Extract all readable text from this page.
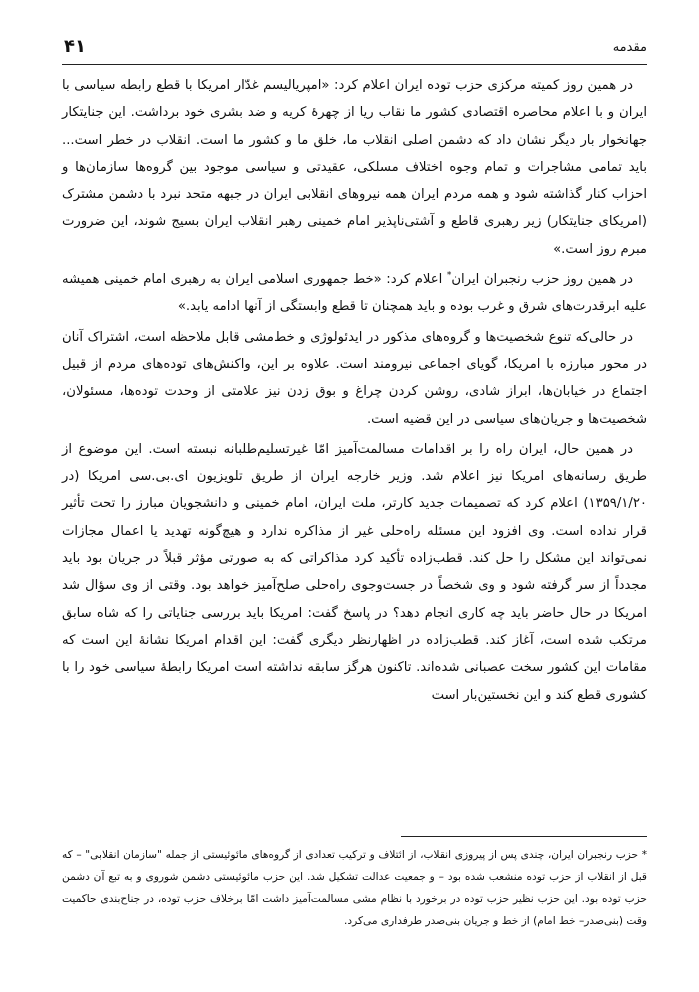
مقدمه
۴۱

در همین روز کمیته مرکزی حزب توده ایران اعلام کرد: «امپریالیسم غدّار امریکا با قطع رابطه سیاسی با ایران و با اعلام محاصره اقتصادی کشور ما نقاب ریا از چهرهٔ کریه و ضد بشری خود برداشت. این جنایتکار جهانخوار بار دیگر نشان داد که دشمن اصلی انقلاب ما، خلق ما و کشور ما است. انقلاب در خطر است... باید تمامی مشاجرات و تمام وجوه اختلاف مسلکی، عقیدتی و سیاسی موجود بین گروه‌ها سازمان‌ها و احزاب کنار گذاشته شود و همه مردم ایران همه نیروهای انقلابی ایران در جبهه متحد نبرد با دشمن مشترک (امریکای جنایتکار) زیر رهبری قاطع و آشتی‌ناپذیر امام خمینی رهبر انقلاب ایران بسیج شوند، این ضرورت مبرم روز است.»

در همین روز حزب رنجبران ایران* اعلام کرد: «خط جمهوری اسلامی ایران به رهبری امام خمینی همیشه علیه ابرقدرت‌های شرق و غرب بوده و باید همچنان تا قطع وابستگی از آنها ادامه یابد.»

در حالی‌که تنوع شخصیت‌ها و گروه‌های مذکور در ایدئولوژی و خط‌مشی قابل ملاحظه است، اشتراک آنان در محور مبارزه با امریکا، گویای اجماعی نیرومند است. علاوه بر این، واکنش‌های توده‌های مردم از قبیل اجتماع در خیابان‌ها، ابراز شادی، روشن کردن چراغ و بوق زدن نیز علامتی از وحدت توده‌ها، مسئولان، شخصیت‌ها و جریان‌های سیاسی در این قضیه است.

در همین حال، ایران راه را بر اقدامات مسالمت‌آمیز امّا غیرتسلیم‌طلبانه نبسته است. این موضوع از طریق رسانه‌های امریکا نیز اعلام شد. وزیر خارجه ایران از طریق تلویزیون ای.بی.سی امریکا (در ۱۳۵۹/۱/۲۰) اعلام کرد که تصمیمات جدید کارتر، ملت ایران، امام خمینی و دانشجویان مبارز را تحت تأثیر قرار نداده است. وی افزود این مسئله راه‌حلی غیر از مذاکره ندارد و هیچ‌گونه تهدید یا اعمال مجازات نمی‌تواند این مشکل را حل کند. قطب‌زاده تأکید کرد مذاکراتی که به صورتی مؤثر قبلاً در جریان بود باید مجدداً از سر گرفته شود و وی شخصاً در جست‌وجوی راه‌حلی صلح‌آمیز خواهد بود. وقتی از وی سؤال شد امریکا در حال حاضر باید چه کاری انجام دهد؟ در پاسخ گفت: امریکا باید بررسی جنایاتی را که شاه سابق مرتکب شده است، آغاز کند. قطب‌زاده در اظهارنظر دیگری گفت: این اقدام امریکا نشانهٔ این است که مقامات این کشور سخت عصبانی شده‌اند. تاکنون هرگز سابقه نداشته است امریکا رابطهٔ سیاسی خود را با کشوری قطع کند و این نخستین‌بار است

* حزب رنجبران ایران، چندی پس از پیروزی انقلاب، از ائتلاف و ترکیب تعدادی از گروه‌های مائوئیستی از جمله "سازمان انقلابی" – که قبل از انقلاب از حزب توده منشعب شده بود – و جمعیت عدالت تشکیل شد. این حزب مائوئیستی دشمن شوروی و به تبع آن دشمن حزب توده بود. این حزب نظیر حزب توده در برخورد با نظام مشی مسالمت‌آمیز داشت امّا برخلاف حزب توده، در جناح‌بندی حاکمیت وقت (بنی‌صدر– خط امام) از خط و جریان بنی‌صدر طرفداری می‌کرد.
